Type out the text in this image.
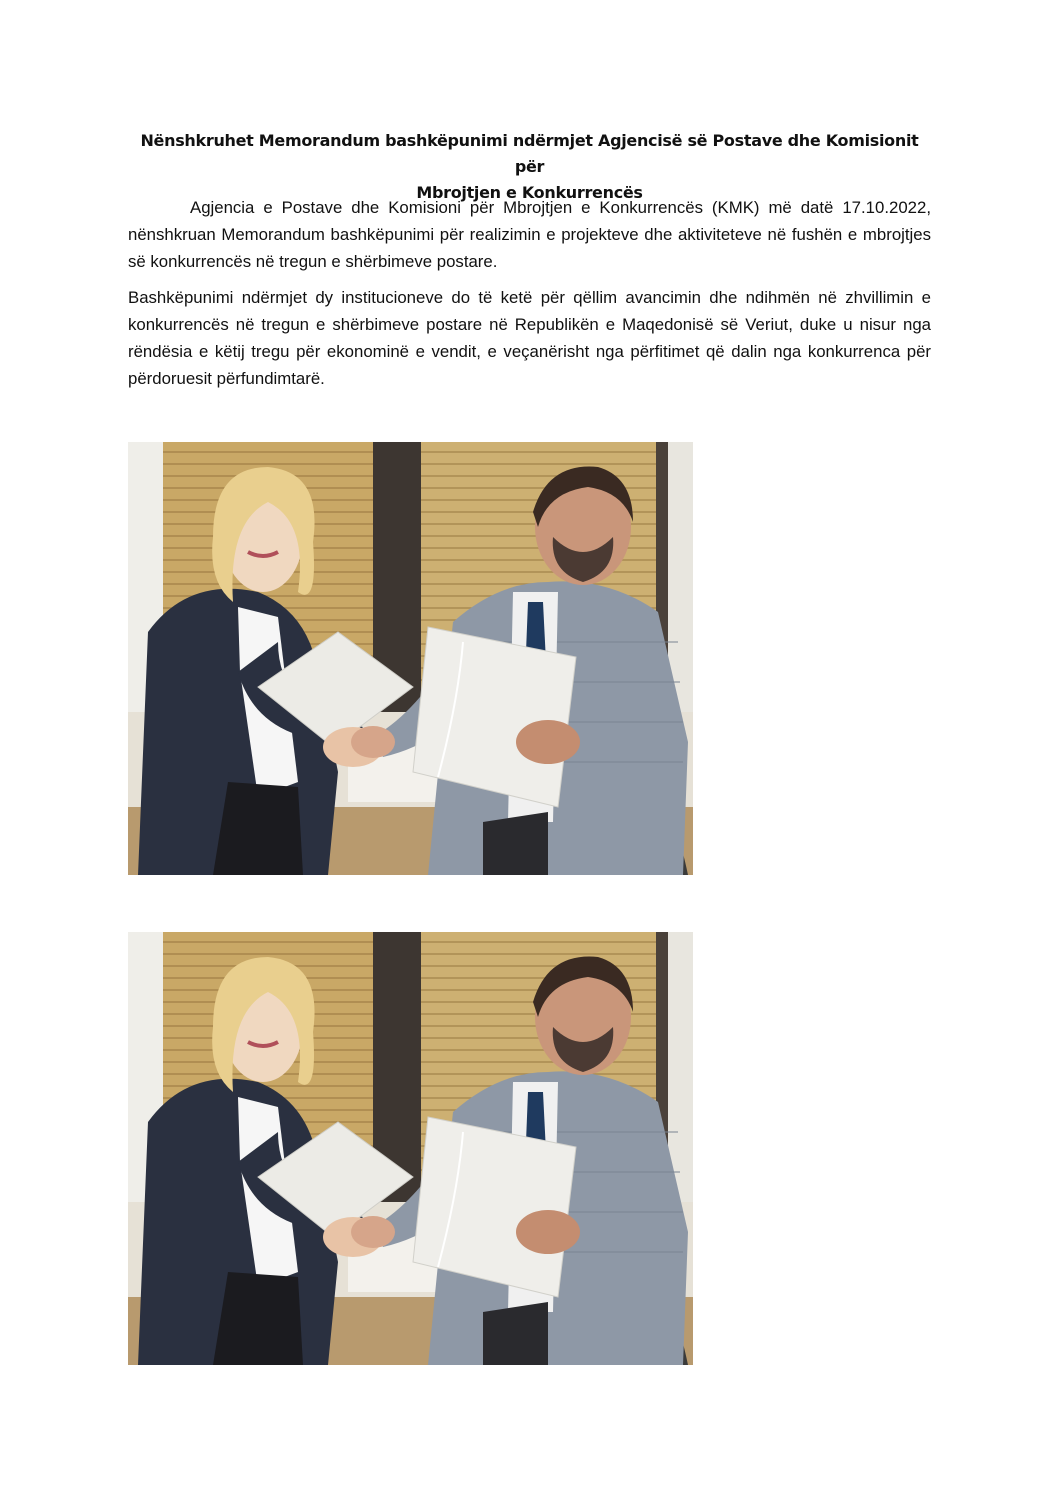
Nënshkruhet Memorandum bashkëpunimi ndërmjet Agjencisë së Postave dhe Komisionit për
Mbrojtjen e Konkurrencës

Agjencia e Postave dhe Komisioni për Mbrojtjen e Konkurrencës (KMK) më datë 17.10.2022, nënshkruan Memorandum bashkëpunimi për realizimin e projekteve dhe aktiviteteve në fushën e mbrojtjes së konkurrencës në tregun e shërbimeve postare.

Bashkëpunimi ndërmjet dy institucioneve do të ketë për qëllim avancimin dhe ndihmën në zhvillimin e konkurrencës në tregun e shërbimeve postare në Republikën e Maqedonisë së Veriut, duke u nisur nga rëndësia e këtij tregu për ekonominë e vendit, e veçanërisht nga përfitimet që dalin nga konkurrenca për përdoruesit përfundimtarë.
